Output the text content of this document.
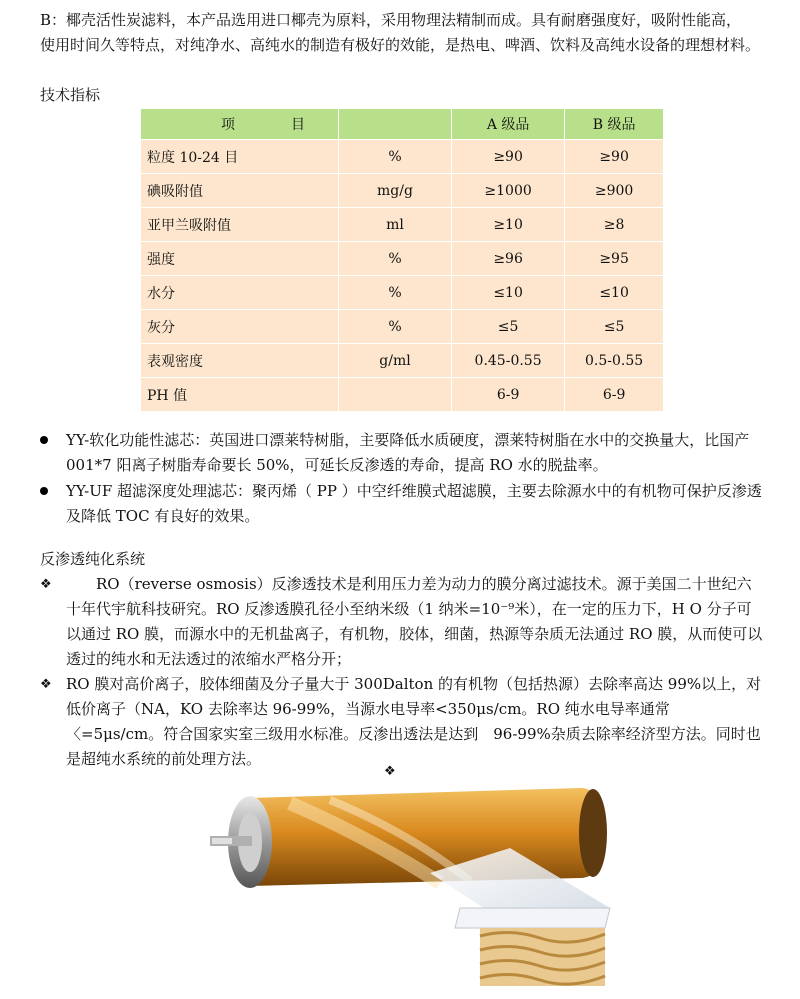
B：椰壳活性炭滤料，本产品选用进口椰壳为原料，采用物理法精制而成。具有耐磨强度好，吸附性能高，　　使用时间久等特点，对纯净水、高纯水的制造有极好的效能，是热电、啤酒、饮料及高纯水设备的理想材料。

技术指标
项　　　　目		A 级品	B 级品
粒度 10-24 目	%	≥90	≥90
碘吸附值	mg/g	≥1000	≥900
亚甲兰吸附值	ml	≥10	≥8
强度	%	≥96	≥95
水分	%	≤10	≤10
灰分	%	≤5	≤5
表观密度	g/ml	0.45-0.55	0.5-0.55
PH 值		6-9	6-9
YY-软化功能性滤芯：英国进口漂莱特树脂，主要降低水质硬度，漂莱特树脂在水中的交换量大，比国产 001*7 阳离子树脂寿命要长 50%，可延长反渗透的寿命，提高 RO 水的脱盐率。
YY-UF 超滤深度处理滤芯：聚丙烯（ PP ）中空纤维膜式超滤膜，主要去除源水中的有机物可保护反渗透及降低 TOC 有良好的效果。
反渗透纯化系统
❖ 　　RO（reverse osmosis）反渗透技术是利用压力差为动力的膜分离过滤技术。源于美国二十世纪六十年代宇航科技研究。RO 反渗透膜孔径小至纳米级（1 纳米=10⁻⁹米），在一定的压力下，H O 分子可以通过 RO 膜，而源水中的无机盐离子，有机物，胶体，细菌，热源等杂质无法通过 RO 膜，从而使可以透过的纯水和无法透过的浓缩水严格分开；
❖ RO 膜对高价离子，胶体细菌及分子量大于 300Dalton 的有机物（包括热源）去除率高达 99%以上，对低价离子（NA，KO 去除率达 96-99%，当源水电导率<350μs/cm。RO 纯水电导率通常〈=5μs/cm。符合国家实室三级用水标准。反渗出透法是达到　96-99%杂质去除率经济型方法。同时也是超纯水系统的前处理方法。
❖
